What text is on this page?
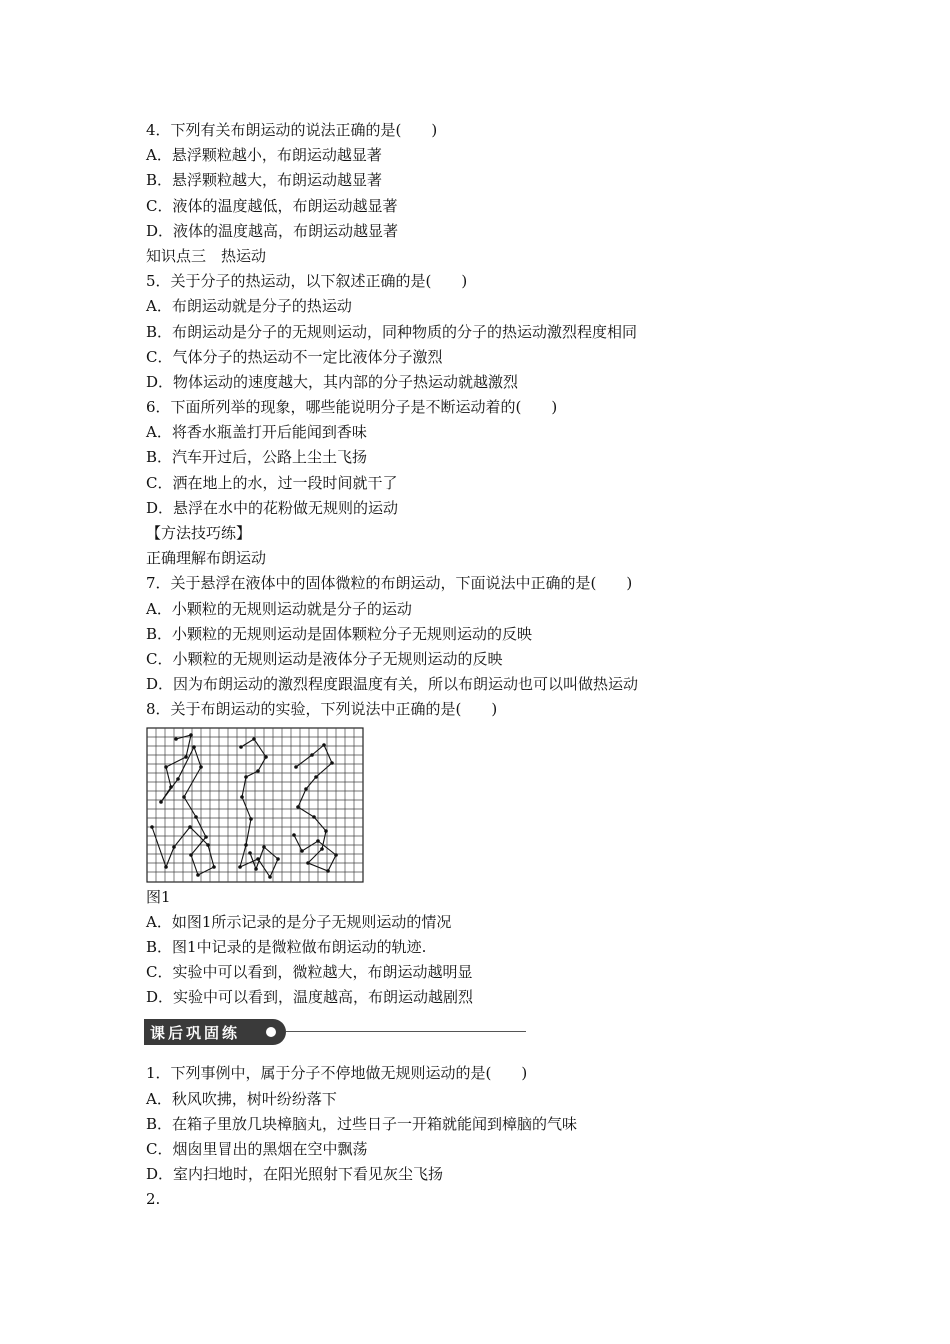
4．下列有关布朗运动的说法正确的是(　　)
A．悬浮颗粒越小，布朗运动越显著
B．悬浮颗粒越大，布朗运动越显著
C．液体的温度越低，布朗运动越显著
D．液体的温度越高，布朗运动越显著
知识点三　热运动
5．关于分子的热运动，以下叙述正确的是(　　)
A．布朗运动就是分子的热运动
B．布朗运动是分子的无规则运动，同种物质的分子的热运动激烈程度相同
C．气体分子的热运动不一定比液体分子激烈
D．物体运动的速度越大，其内部的分子热运动就越激烈
6．下面所列举的现象，哪些能说明分子是不断运动着的(　　)
A．将香水瓶盖打开后能闻到香味
B．汽车开过后，公路上尘土飞扬
C．洒在地上的水，过一段时间就干了
D．悬浮在水中的花粉做无规则的运动
【方法技巧练】
正确理解布朗运动
7．关于悬浮在液体中的固体微粒的布朗运动，下面说法中正确的是(　　)
A．小颗粒的无规则运动就是分子的运动
B．小颗粒的无规则运动是固体颗粒分子无规则运动的反映
C．小颗粒的无规则运动是液体分子无规则运动的反映
D．因为布朗运动的激烈程度跟温度有关，所以布朗运动也可以叫做热运动
8．关于布朗运动的实验，下列说法中正确的是(　　)
图1
A．如图1所示记录的是分子无规则运动的情况
B．图1中记录的是微粒做布朗运动的轨迹.
C．实验中可以看到，微粒越大，布朗运动越明显
D．实验中可以看到，温度越高，布朗运动越剧烈
课后巩固练
1．下列事例中，属于分子不停地做无规则运动的是(　　)
A．秋风吹拂，树叶纷纷落下
B．在箱子里放几块樟脑丸，过些日子一开箱就能闻到樟脑的气味
C．烟囱里冒出的黑烟在空中飘荡
D．室内扫地时，在阳光照射下看见灰尘飞扬
2.
